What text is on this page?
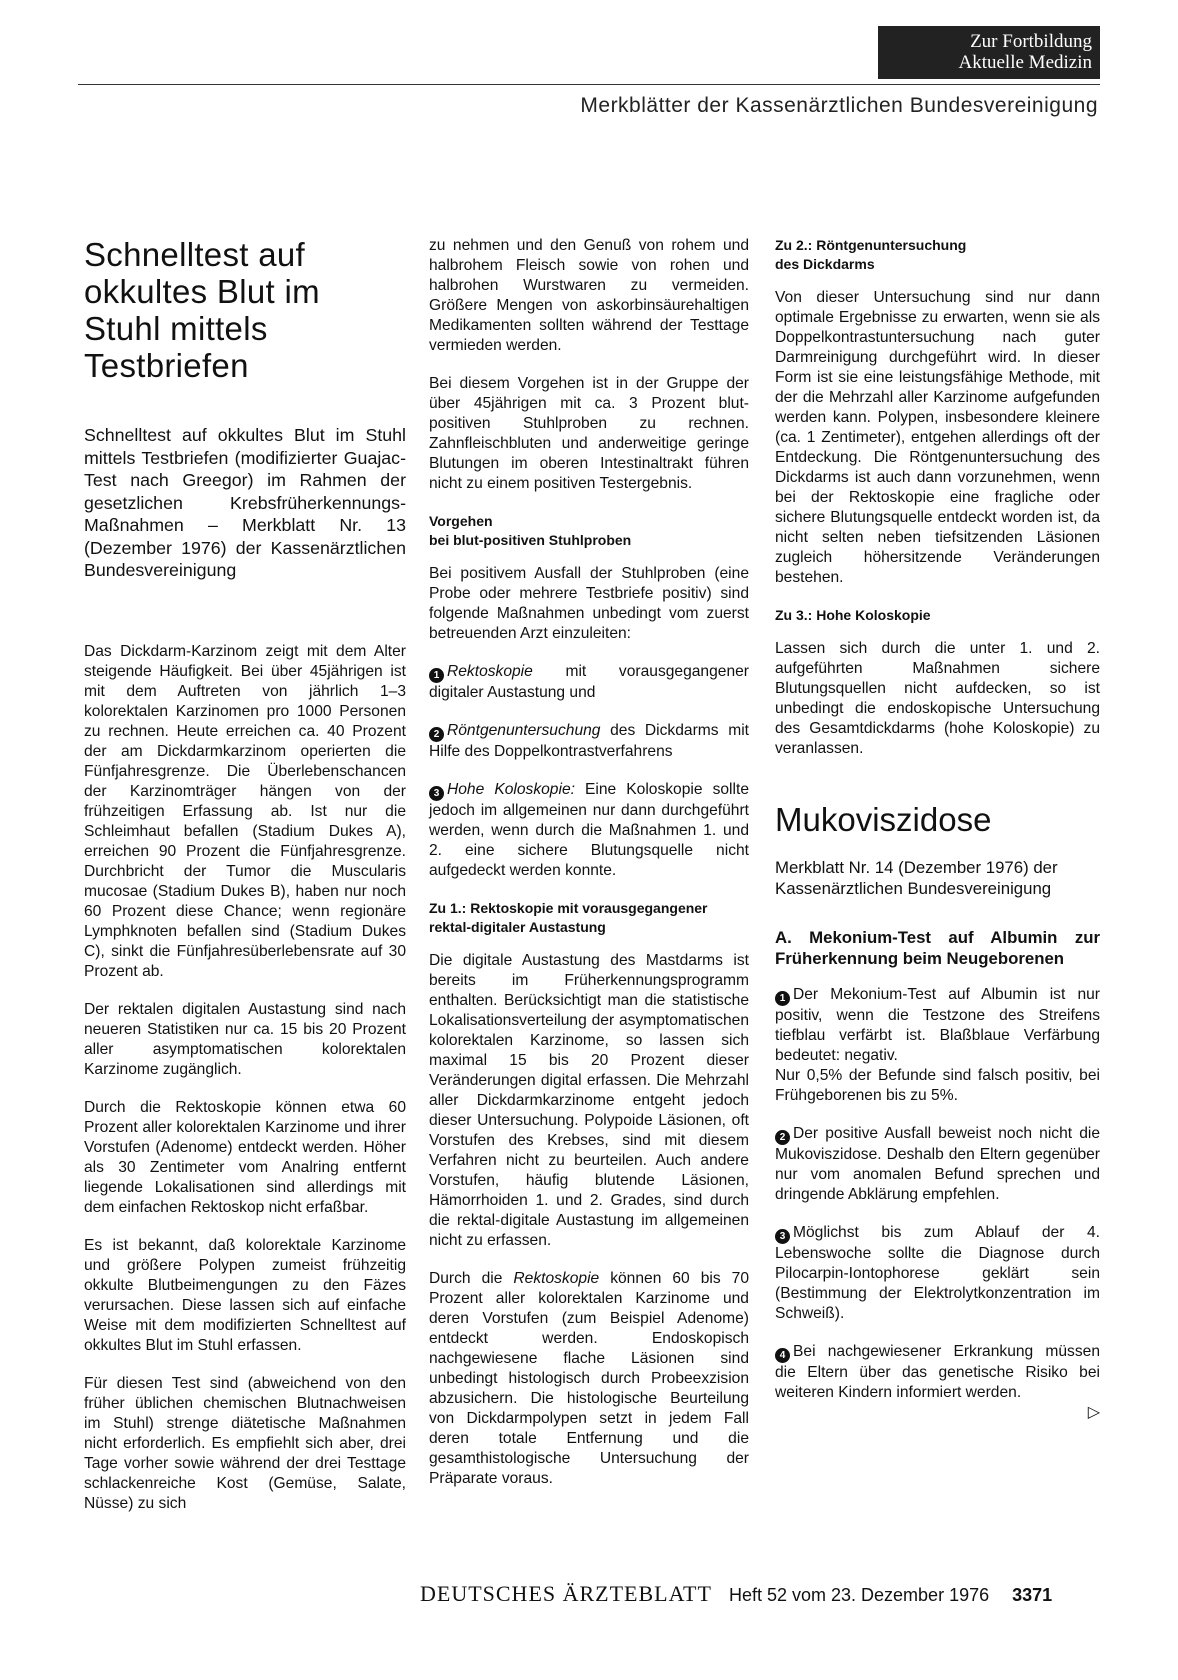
Zur Fortbildung
Aktuelle Medizin
Merkblätter der Kassenärztlichen Bundesvereinigung
Schnelltest auf okkultes Blut im Stuhl mittels Testbriefen

Schnelltest auf okkultes Blut im Stuhl mittels Testbriefen (modifizierter Guajac-Test nach Greegor) im Rahmen der gesetzlichen Krebsfrüherkennungs-Maßnahmen – Merkblatt Nr. 13 (Dezember 1976) der Kassenärztlichen Bundesvereinigung

Das Dickdarm-Karzinom zeigt mit dem Alter steigende Häufigkeit. Bei über 45jährigen ist mit dem Auftreten von jährlich 1–3 kolorektalen Karzinomen pro 1000 Personen zu rechnen. Heute erreichen ca. 40 Prozent der am Dickdarmkarzinom operierten die Fünfjahresgrenze. Die Überlebenschancen der Karzinomträger hängen von der frühzeitigen Erfassung ab. Ist nur die Schleimhaut befallen (Stadium Dukes A), erreichen 90 Prozent die Fünfjahresgrenze. Durchbricht der Tumor die Muscularis mucosae (Stadium Dukes B), haben nur noch 60 Prozent diese Chance; wenn regionäre Lymphknoten befallen sind (Stadium Dukes C), sinkt die Fünfjahresüberlebensrate auf 30 Prozent ab.

Der rektalen digitalen Austastung sind nach neueren Statistiken nur ca. 15 bis 20 Prozent aller asymptomatischen kolorektalen Karzinome zugänglich.

Durch die Rektoskopie können etwa 60 Prozent aller kolorektalen Karzinome und ihrer Vorstufen (Adenome) entdeckt werden. Höher als 30 Zentimeter vom Analring entfernt liegende Lokalisationen sind allerdings mit dem einfachen Rektoskop nicht erfaßbar.

Es ist bekannt, daß kolorektale Karzinome und größere Polypen zumeist frühzeitig okkulte Blutbeimengungen zu den Fäzes verursachen. Diese lassen sich auf einfache Weise mit dem modifizierten Schnelltest auf okkultes Blut im Stuhl erfassen.

Für diesen Test sind (abweichend von den früher üblichen chemischen Blutnachweisen im Stuhl) strenge diätetische Maßnahmen nicht erforderlich. Es empfiehlt sich aber, drei Tage vorher sowie während der drei Testtage schlackenreiche Kost (Gemüse, Salate, Nüsse) zu sich

zu nehmen und den Genuß von rohem und halbrohem Fleisch sowie von rohen und halbrohen Wurstwaren zu vermeiden. Größere Mengen von askorbinsäurehaltigen Medikamenten sollten während der Testtage vermieden werden.

Bei diesem Vorgehen ist in der Gruppe der über 45jährigen mit ca. 3 Prozent blut-positiven Stuhlproben zu rechnen. Zahnfleischbluten und anderweitige geringe Blutungen im oberen Intestinaltrakt führen nicht zu einem positiven Testergebnis.

Vorgehen
bei blut-positiven Stuhlproben

Bei positivem Ausfall der Stuhlproben (eine Probe oder mehrere Testbriefe positiv) sind folgende Maßnahmen unbedingt vom zuerst betreuenden Arzt einzuleiten:

1 Rektoskopie mit vorausgegangener digitaler Austastung und

2 Röntgenuntersuchung des Dickdarms mit Hilfe des Doppelkontrastverfahrens

3 Hohe Koloskopie: Eine Koloskopie sollte jedoch im allgemeinen nur dann durchgeführt werden, wenn durch die Maßnahmen 1. und 2. eine sichere Blutungsquelle nicht aufgedeckt werden konnte.

Zu 1.: Rektoskopie mit vorausgegangener rektal-digitaler Austastung

Die digitale Austastung des Mastdarms ist bereits im Früherkennungsprogramm enthalten. Berücksichtigt man die statistische Lokalisationsverteilung der asymptomatischen kolorektalen Karzinome, so lassen sich maximal 15 bis 20 Prozent dieser Veränderungen digital erfassen. Die Mehrzahl aller Dickdarmkarzinome entgeht jedoch dieser Untersuchung. Polypoide Läsionen, oft Vorstufen des Krebses, sind mit diesem Verfahren nicht zu beurteilen. Auch andere Vorstufen, häufig blutende Läsionen, Hämorrhoiden 1. und 2. Grades, sind durch die rektal-digitale Austastung im allgemeinen nicht zu erfassen.

Durch die Rektoskopie können 60 bis 70 Prozent aller kolorektalen Karzinome und deren Vorstufen (zum Beispiel Adenome) entdeckt werden. Endoskopisch nachgewiesene flache Läsionen sind unbedingt histologisch durch Probeexzision abzusichern. Die histologische Beurteilung von Dickdarmpolypen setzt in jedem Fall deren totale Entfernung und die gesamthistologische Untersuchung der Präparate voraus.

Zu 2.: Röntgenuntersuchung
des Dickdarms

Von dieser Untersuchung sind nur dann optimale Ergebnisse zu erwarten, wenn sie als Doppelkontrastuntersuchung nach guter Darmreinigung durchgeführt wird. In dieser Form ist sie eine leistungsfähige Methode, mit der die Mehrzahl aller Karzinome aufgefunden werden kann. Polypen, insbesondere kleinere (ca. 1 Zentimeter), entgehen allerdings oft der Entdeckung. Die Röntgenuntersuchung des Dickdarms ist auch dann vorzunehmen, wenn bei der Rektoskopie eine fragliche oder sichere Blutungsquelle entdeckt worden ist, da nicht selten neben tiefsitzenden Läsionen zugleich höhersitzende Veränderungen bestehen.

Zu 3.: Hohe Koloskopie

Lassen sich durch die unter 1. und 2. aufgeführten Maßnahmen sichere Blutungsquellen nicht aufdecken, so ist unbedingt die endoskopische Untersuchung des Gesamtdickdarms (hohe Koloskopie) zu veranlassen.

Mukoviszidose

Merkblatt Nr. 14 (Dezember 1976) der Kassenärztlichen Bundesvereinigung

A. Mekonium-Test auf Albumin zur Früherkennung beim Neugeborenen

1 Der Mekonium-Test auf Albumin ist nur positiv, wenn die Testzone des Streifens tiefblau verfärbt ist. Blaßblaue Verfärbung bedeutet: negativ.
Nur 0,5% der Befunde sind falsch positiv, bei Frühgeborenen bis zu 5%.

2 Der positive Ausfall beweist noch nicht die Mukoviszidose. Deshalb den Eltern gegenüber nur vom anomalen Befund sprechen und dringende Abklärung empfehlen.

3 Möglichst bis zum Ablauf der 4. Lebenswoche sollte die Diagnose durch Pilocarpin-Iontophorese geklärt sein (Bestimmung der Elektrolytkonzentration im Schweiß).

4 Bei nachgewiesener Erkrankung müssen die Eltern über das genetische Risiko bei weiteren Kindern informiert werden.

▷
DEUTSCHES ÄRZTEBLATT Heft 52 vom 23. Dezember 1976 3371
